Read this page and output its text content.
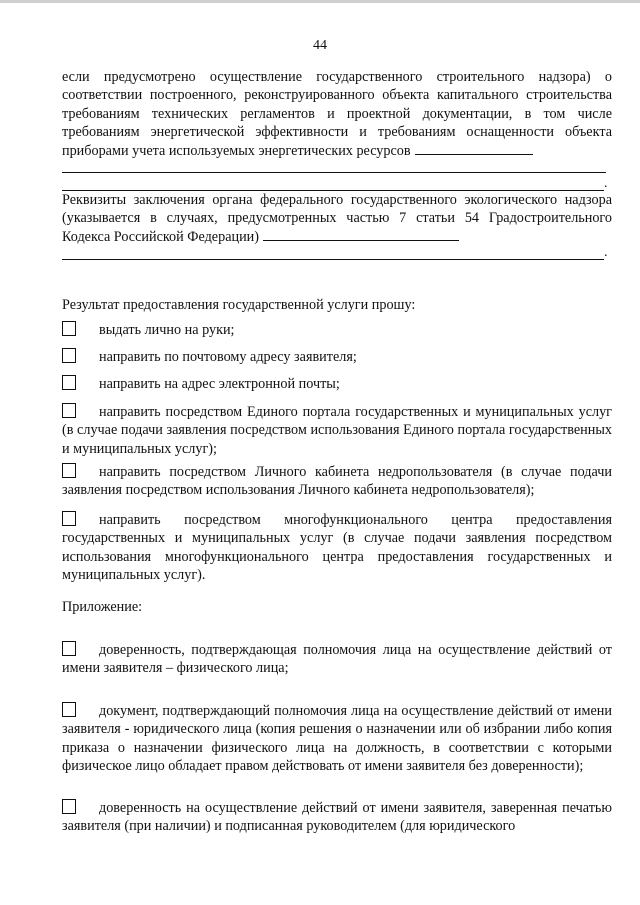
44
если предусмотрено осуществление государственного строительного надзора) о соответствии построенного, реконструированного объекта капитального строительства требованиям технических регламентов и проектной документации, в том числе требованиям энергетической эффективности и требованиям оснащенности объекта приборами учета используемых энергетических ресурсов
.
Реквизиты заключения органа федерального государственного экологического надзора (указывается в случаях, предусмотренных частью 7 статьи 54 Градостроительного Кодекса Российской Федерации)
.
Результат предоставления государственной услуги прошу:
выдать лично на руки;
направить по почтовому адресу заявителя;
направить на адрес электронной почты;
направить посредством Единого портала государственных и муниципальных услуг (в случае подачи заявления посредством использования Единого портала государственных и муниципальных услуг);
направить посредством Личного кабинета недропользователя (в случае подачи заявления посредством использования Личного кабинета недропользователя);
направить посредством многофункционального центра предоставления государственных и муниципальных услуг (в случае подачи заявления посредством использования многофункционального центра предоставления государственных и муниципальных услуг).
Приложение:
доверенность, подтверждающая полномочия лица на осуществление действий от имени заявителя – физического лица;
документ, подтверждающий полномочия лица на осуществление действий от имени заявителя - юридического лица (копия решения о назначении или об избрании либо копия приказа о назначении физического лица на должность, в соответствии с которыми физическое лицо обладает правом действовать от имени заявителя без доверенности);
доверенность на осуществление действий от имени заявителя, заверенная печатью заявителя (при наличии) и подписанная руководителем (для юридического
